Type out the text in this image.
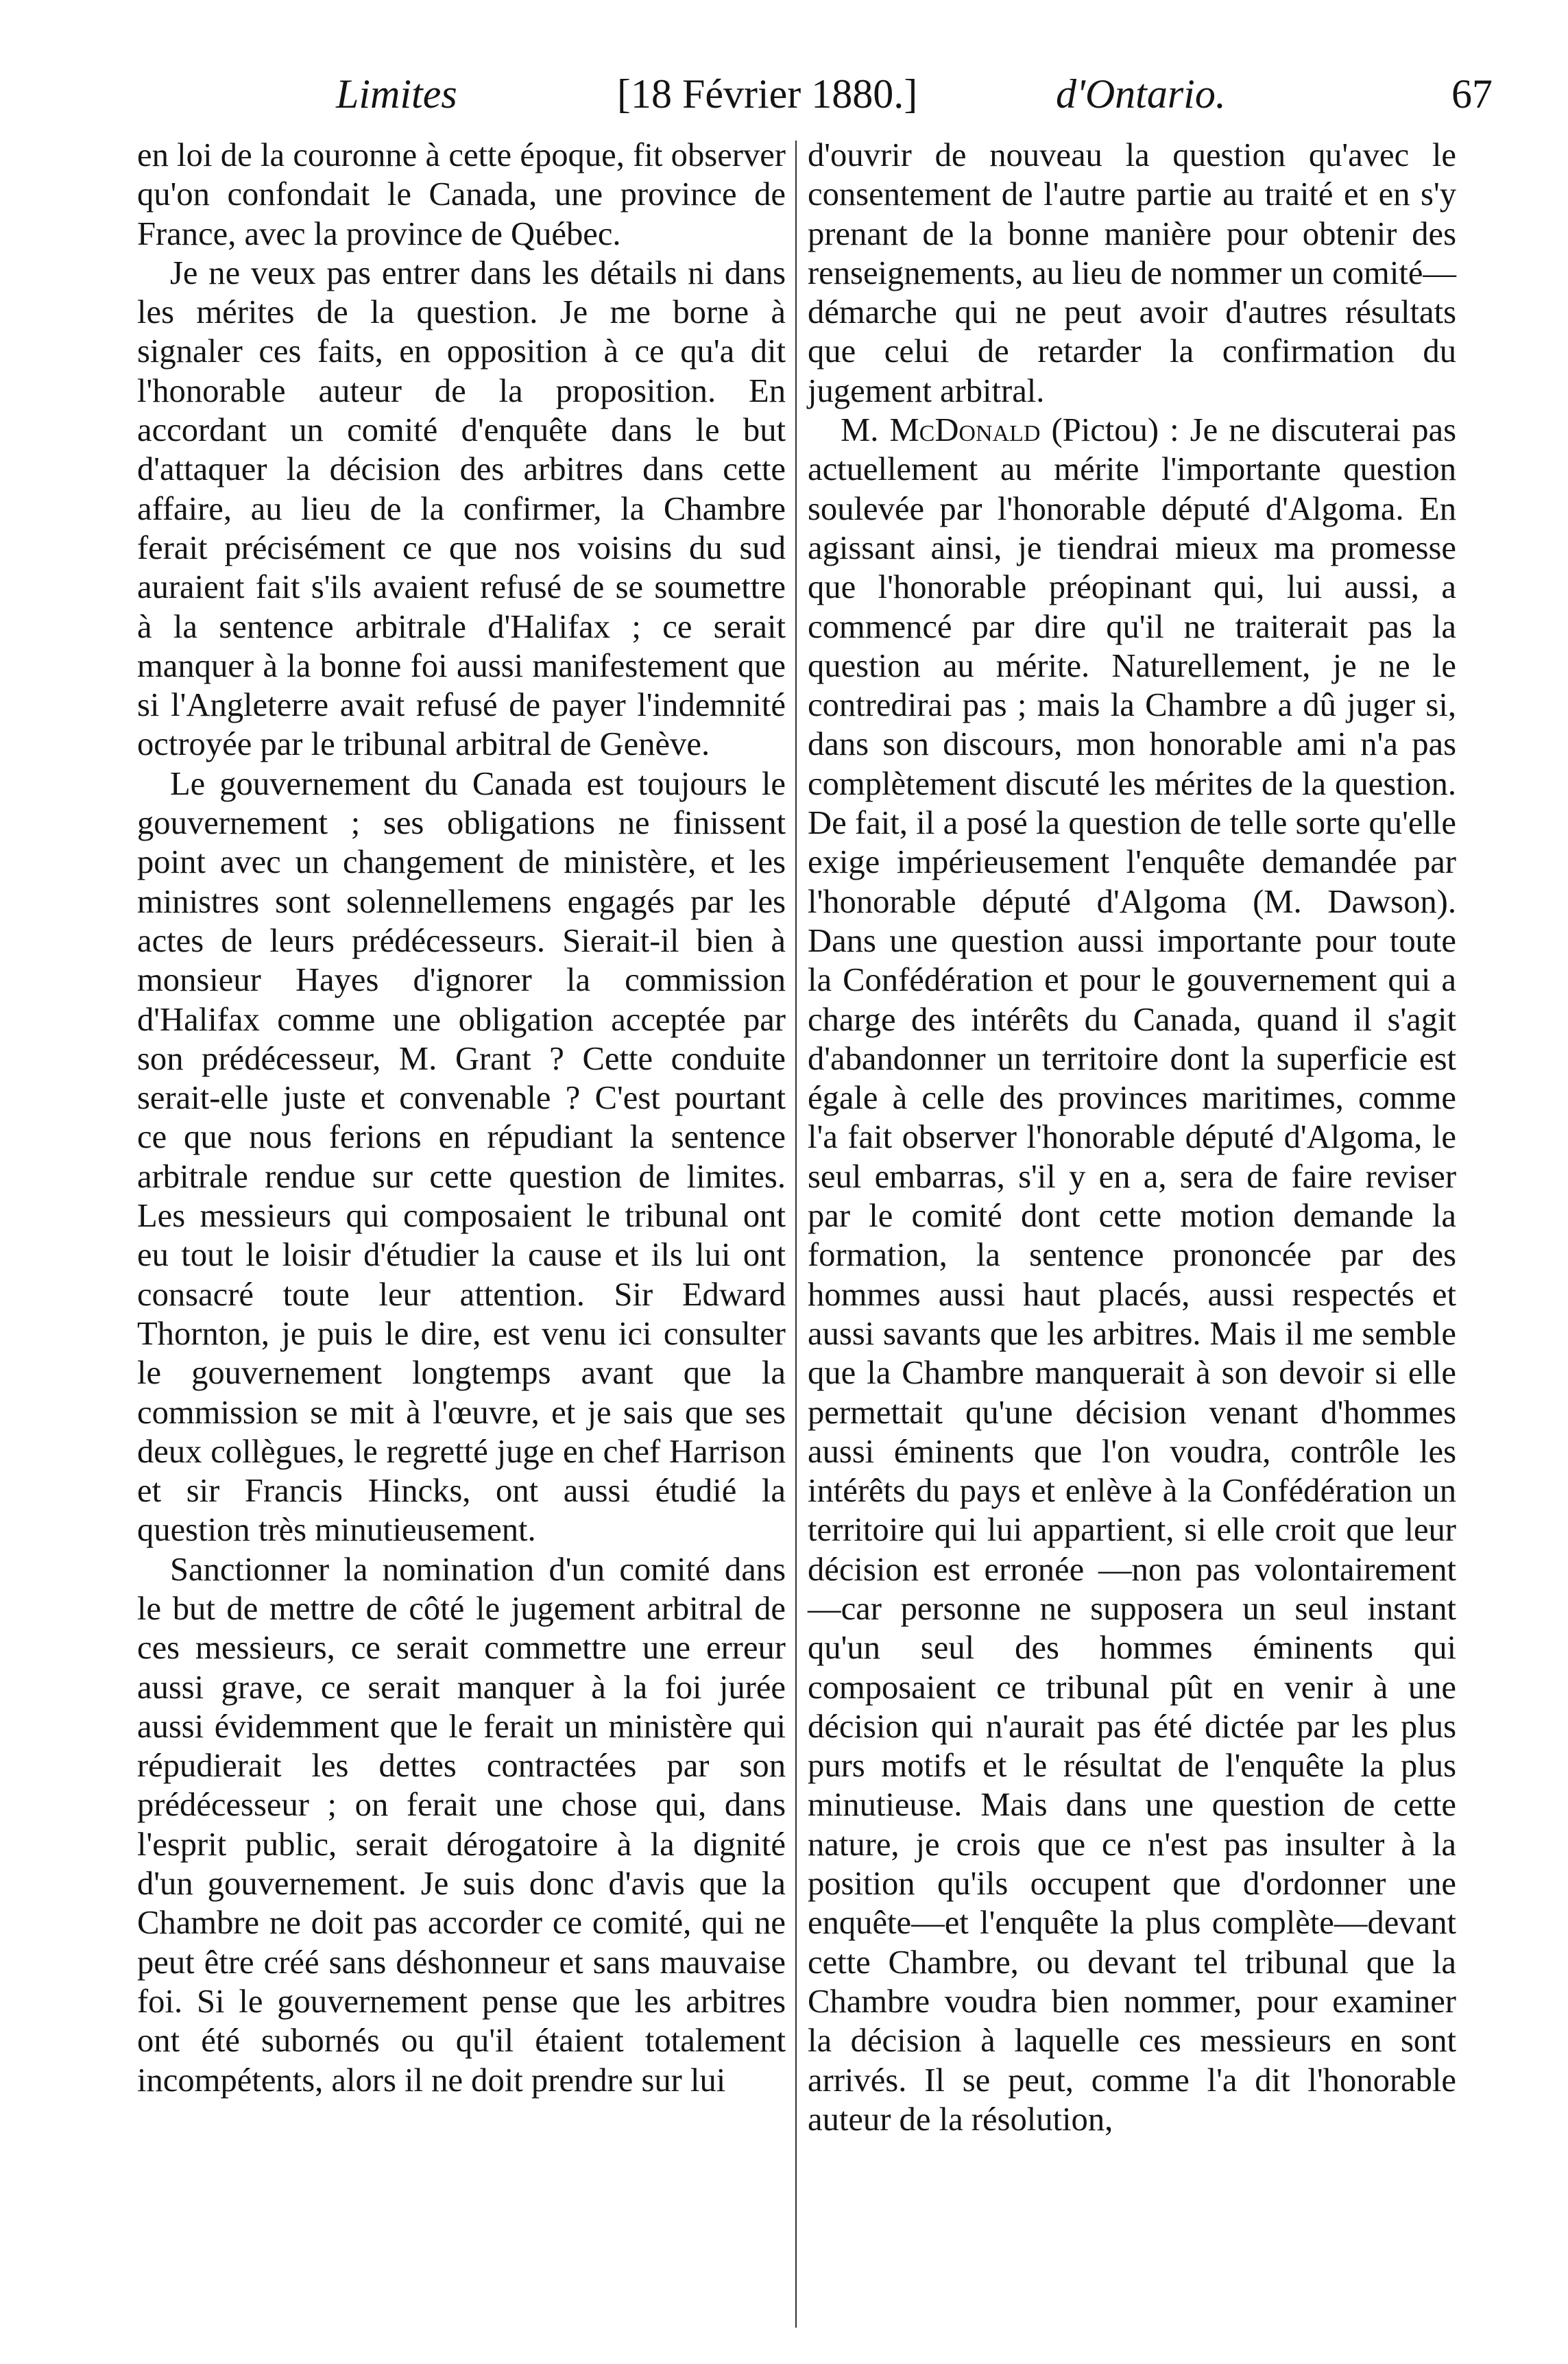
Limites	[18 Février 1880.]	d'Ontario.	67

en loi de la couronne à cette époque, fit observer qu'on confondait le Canada, une province de France, avec la province de Québec.

Je ne veux pas entrer dans les détails ni dans les mérites de la question. Je me borne à signaler ces faits, en opposition à ce qu'a dit l'honorable auteur de la proposition. En accordant un comité d'enquête dans le but d'attaquer la décision des arbitres dans cette affaire, au lieu de la confirmer, la Chambre ferait précisément ce que nos voisins du sud auraient fait s'ils avaient refusé de se soumettre à la sentence arbitrale d'Halifax ; ce serait manquer à la bonne foi aussi manifestement que si l'Angleterre avait refusé de payer l'indemnité octroyée par le tribunal arbitral de Genève.

Le gouvernement du Canada est toujours le gouvernement ; ses obligations ne finissent point avec un changement de ministère, et les ministres sont solennellemens engagés par les actes de leurs prédécesseurs. Sierait-il bien à monsieur Hayes d'ignorer la commission d'Halifax comme une obligation acceptée par son prédécesseur, M. Grant ? Cette conduite serait-elle juste et convenable ? C'est pourtant ce que nous ferions en répudiant la sentence arbitrale rendue sur cette question de limites. Les messieurs qui composaient le tribunal ont eu tout le loisir d'étudier la cause et ils lui ont consacré toute leur attention. Sir Edward Thornton, je puis le dire, est venu ici consulter le gouvernement longtemps avant que la commission se mit à l'œuvre, et je sais que ses deux collègues, le regretté juge en chef Harrison et sir Francis Hincks, ont aussi étudié la question très minutieusement.

Sanctionner la nomination d'un comité dans le but de mettre de côté le jugement arbitral de ces messieurs, ce serait commettre une erreur aussi grave, ce serait manquer à la foi jurée aussi évidemment que le ferait un ministère qui répudierait les dettes contractées par son prédécesseur ; on ferait une chose qui, dans l'esprit public, serait dérogatoire à la dignité d'un gouvernement. Je suis donc d'avis que la Chambre ne doit pas accorder ce comité, qui ne peut être créé sans déshonneur et sans mauvaise foi. Si le gouvernement pense que les arbitres ont été subornés ou qu'il étaient totalement incompétents, alors il ne doit prendre sur lui

d'ouvrir de nouveau la question qu'avec le consentement de l'autre partie au traité et en s'y prenant de la bonne manière pour obtenir des renseignements, au lieu de nommer un comité—démarche qui ne peut avoir d'autres résultats que celui de retarder la confirmation du jugement arbitral.

M. McDonald (Pictou) : Je ne discuterai pas actuellement au mérite l'importante question soulevée par l'honorable député d'Algoma. En agissant ainsi, je tiendrai mieux ma promesse que l'honorable préopinant qui, lui aussi, a commencé par dire qu'il ne traiterait pas la question au mérite. Naturellement, je ne le contredirai pas ; mais la Chambre a dû juger si, dans son discours, mon honorable ami n'a pas complètement discuté les mérites de la question. De fait, il a posé la question de telle sorte qu'elle exige impérieusement l'enquête demandée par l'honorable député d'Algoma (M. Dawson). Dans une question aussi importante pour toute la Confédération et pour le gouvernement qui a charge des intérêts du Canada, quand il s'agit d'abandonner un territoire dont la superficie est égale à celle des provinces maritimes, comme l'a fait observer l'honorable député d'Algoma, le seul embarras, s'il y en a, sera de faire reviser par le comité dont cette motion demande la formation, la sentence prononcée par des hommes aussi haut placés, aussi respectés et aussi savants que les arbitres. Mais il me semble que la Chambre manquerait à son devoir si elle permettait qu'une décision venant d'hommes aussi éminents que l'on voudra, contrôle les intérêts du pays et enlève à la Confédération un territoire qui lui appartient, si elle croit que leur décision est erronée —non pas volontairement—car personne ne supposera un seul instant qu'un seul des hommes éminents qui composaient ce tribunal pût en venir à une décision qui n'aurait pas été dictée par les plus purs motifs et le résultat de l'enquête la plus minutieuse. Mais dans une question de cette nature, je crois que ce n'est pas insulter à la position qu'ils occupent que d'ordonner une enquête—et l'enquête la plus complète—devant cette Chambre, ou devant tel tribunal que la Chambre voudra bien nommer, pour examiner la décision à laquelle ces messieurs en sont arrivés. Il se peut, comme l'a dit l'honorable auteur de la résolution,
